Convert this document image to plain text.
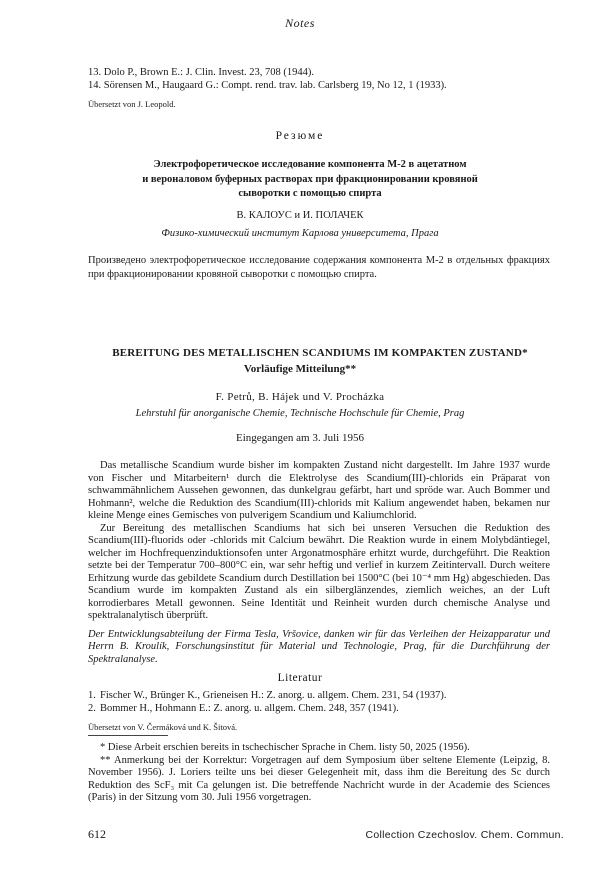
Notes
13. Dolo P., Brown E.: J. Clin. Invest. 23, 708 (1944).
14. Sörensen M., Haugaard G.: Compt. rend. trav. lab. Carlsberg 19, No 12, 1 (1933).
Übersetzt von J. Leopold.
Резюме
Электрофоретическое исследование компонента М-2 в ацетатном
и вероналовом буферных растворах при фракционировании кровяной
сыворотки с помощью спирта
В. КАЛОУС и И. ПОЛАЧЕК
Физико-химический институт Карлова университета, Прага
Произведено электрофоретическое исследование содержания компонента М-2 в отдельных фракциях при фракционировании кровяной сыворотки с помощью спирта.
BEREITUNG DES METALLISCHEN SCANDIUMS IM KOMPAKTEN ZUSTAND*
Vorläufige Mitteilung**
F. Petrů, B. Hájek und V. Procházka
Lehrstuhl für anorganische Chemie, Technische Hochschule für Chemie, Prag
Eingegangen am 3. Juli 1956

Das metallische Scandium wurde bisher im kompakten Zustand nicht dargestellt. Im Jahre 1937 wurde von Fischer und Mitarbeitern¹ durch die Elektrolyse des Scandium(III)-chlorids ein Präparat von schwammähnlichem Aussehen gewonnen, das dunkelgrau gefärbt, hart und spröde war. Auch Bommer und Hohmann², welche die Reduktion des Scandium(III)-chlorids mit Kalium angewendet haben, bekamen nur kleine Menge eines Gemisches von pulverigem Scandium und Kaliumchlorid.

Zur Bereitung des metallischen Scandiums hat sich bei unseren Versuchen die Reduktion des Scandium(III)-fluorids oder -chlorids mit Calcium bewährt. Die Reaktion wurde in einem Molybdäntiegel, welcher im Hochfrequenzinduktionsofen unter Argonatmosphäre erhitzt wurde, durchgeführt. Die Reaktion setzte bei der Temperatur 700–800°C ein, war sehr heftig und verlief in kurzem Zeitintervall. Durch weitere Erhitzung wurde das gebildete Scandium durch Destillation bei 1500°C (bei 10⁻⁴ mm Hg) abgeschieden. Das Scandium wurde im kompakten Zustand als ein silberglänzendes, ziemlich weiches, an der Luft korrodierbares Metall gewonnen. Seine Identität und Reinheit wurden durch chemische Analyse und spektralanalytisch überprüft.

Der Entwicklungsabteilung der Firma Tesla, Vršovice, danken wir für das Verleihen der Heizapparatur und Herrn B. Kroulík, Forschungsinstitut für Material und Technologie, Prag, für die Durchführung der Spektralanalyse.

Literatur
1. Fischer W., Brünger K., Grieneisen H.: Z. anorg. u. allgem. Chem. 231, 54 (1937).
2. Bommer H., Hohmann E.: Z. anorg. u. allgem. Chem. 248, 357 (1941).
Übersetzt von V. Čermáková und K. Šitová.

* Diese Arbeit erschien bereits in tschechischer Sprache in Chem. listy 50, 2025 (1956).

** Anmerkung bei der Korrektur: Vorgetragen auf dem Symposium über seltene Elemente (Leipzig, 8. November 1956). J. Loriers teilte uns bei dieser Gelegenheit mit, dass ihm die Bereitung des Sc durch Reduktion des ScF₃ mit Ca gelungen ist. Die betreffende Nachricht wurde in der Academie des Sciences (Paris) in der Sitzung vom 30. Juli 1956 vorgetragen.

612	Collection Czechoslov. Chem. Commun.
